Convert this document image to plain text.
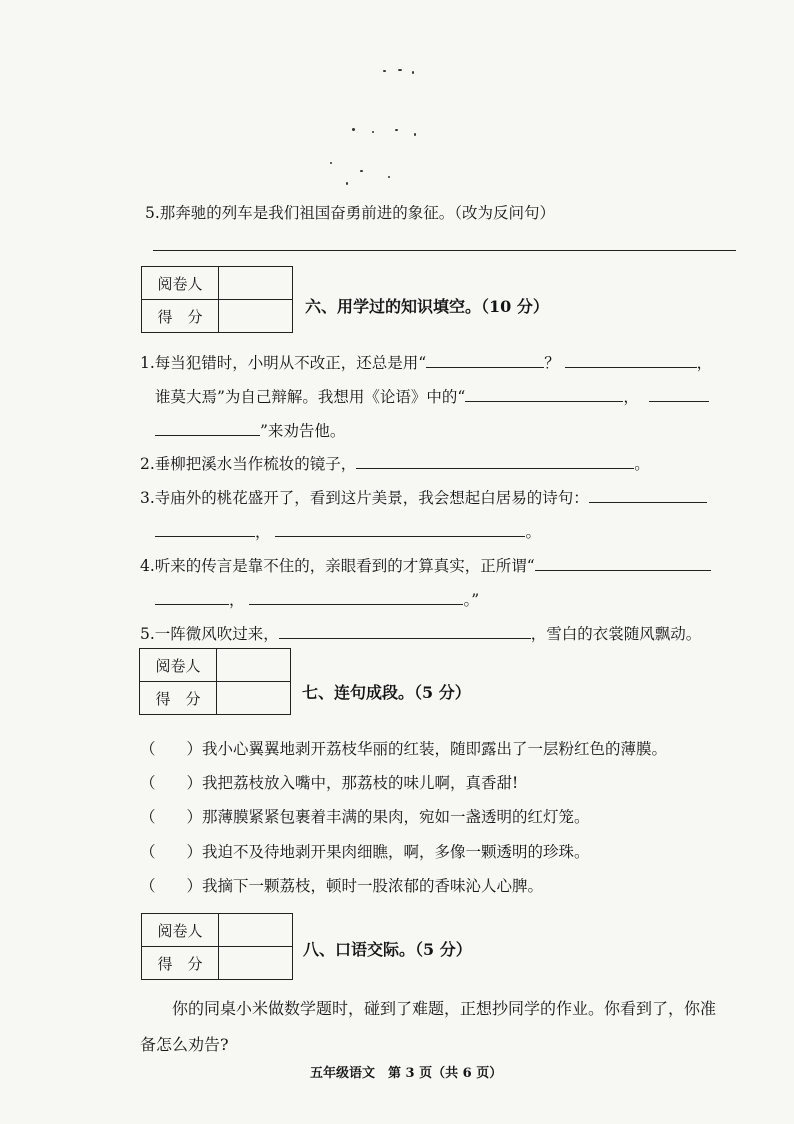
5.那奔驰的列车是我们祖国奋勇前进的象征。（改为反问句）
阅卷人	
得　分	
六、用学过的知识填空。（10 分）
1.每当犯错时，小明从不改正，还总是用“	？	，
谁莫大焉”为自己辩解。我想用《论语》中的“	，
”来劝告他。
2.垂柳把溪水当作梳妆的镜子，	。
3.寺庙外的桃花盛开了，看到这片美景，我会想起白居易的诗句：
，	。
4.听来的传言是靠不住的，亲眼看到的才算真实，正所谓“
，	。”
5.一阵微风吹过来，	，雪白的衣裳随风飘动。
阅卷人	
得　分		七、连句成段。（5 分）
（　　）我小心翼翼地剥开荔枝华丽的红装，随即露出了一层粉红色的薄膜。
（　　）我把荔枝放入嘴中，那荔枝的味儿啊，真香甜!
（　　）那薄膜紧紧包裹着丰满的果肉，宛如一盏透明的红灯笼。
（　　）我迫不及待地剥开果肉细瞧，啊，多像一颗透明的珍珠。
（　　）我摘下一颗荔枝，顿时一股浓郁的香味沁人心脾。
阅卷人	
得　分	
八、口语交际。（5 分）
你的同桌小米做数学题时，碰到了难题，正想抄同学的作业。你看到了，你准
备怎么劝告?
五年级语文　第 3 页（共 6 页）
